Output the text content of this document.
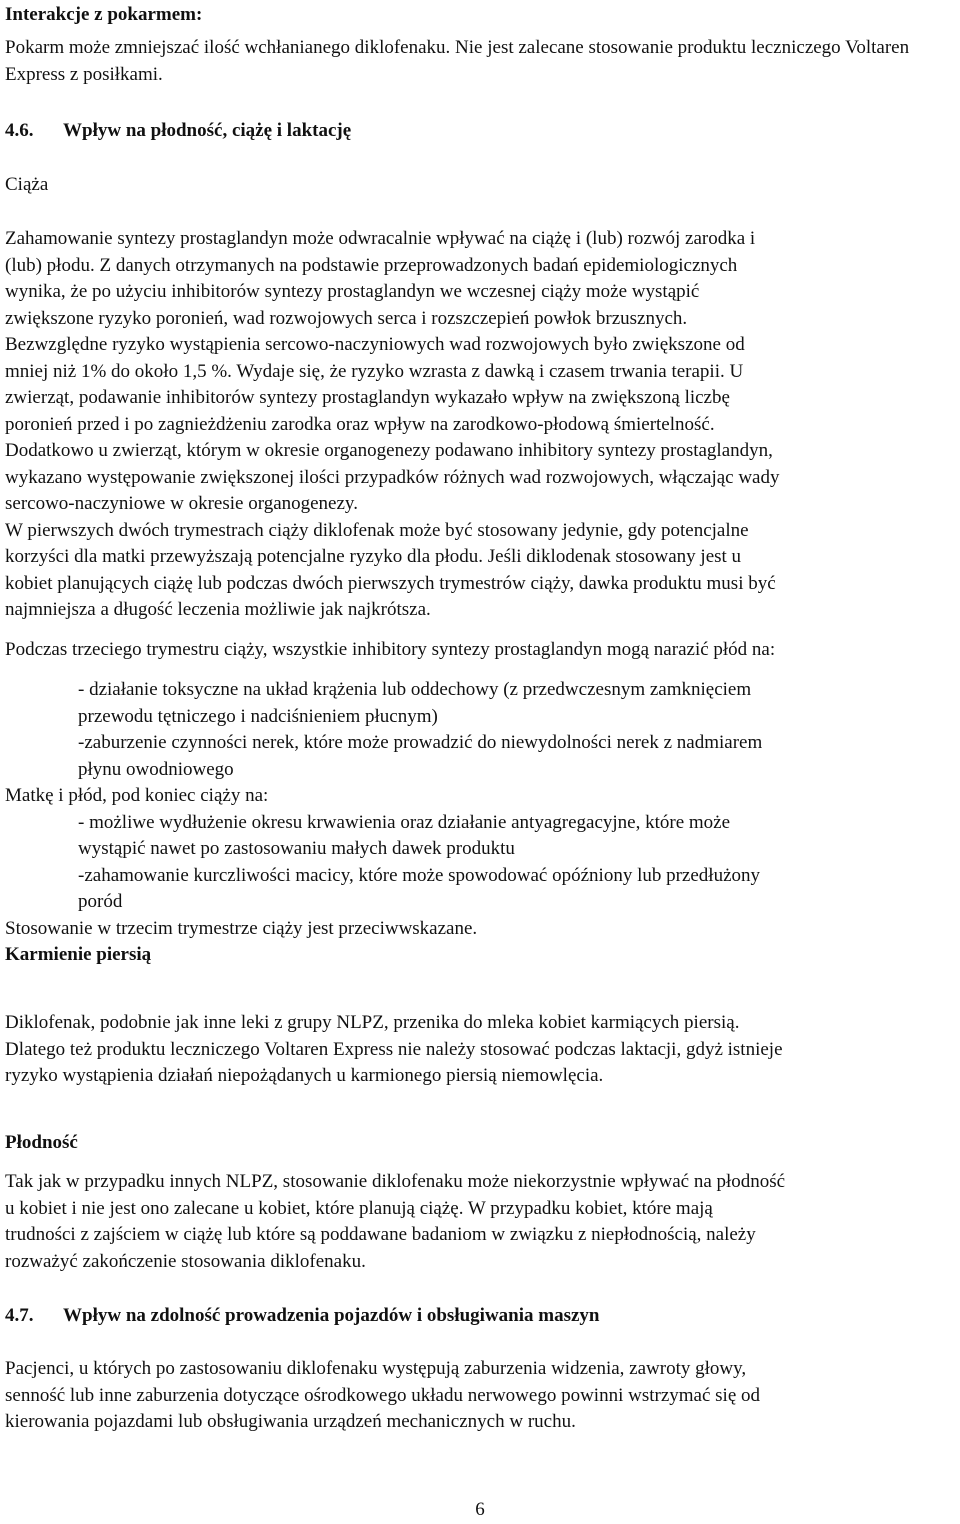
Interakcje z pokarmem:

Pokarm może zmniejszać ilość wchłanianego diklofenaku. Nie jest zalecane stosowanie produktu leczniczego Voltaren Express z posiłkami.

4.6. Wpływ na płodność, ciążę i laktację

Ciąża

Zahamowanie syntezy prostaglandyn może odwracalnie wpływać na ciążę i (lub) rozwój zarodka i

(lub) płodu. Z danych otrzymanych na podstawie przeprowadzonych badań epidemiologicznych

wynika, że po użyciu inhibitorów syntezy prostaglandyn we wczesnej ciąży może wystąpić

zwiększone ryzyko poronień, wad rozwojowych serca i rozszczepień powłok brzusznych.

Bezwzględne ryzyko wystąpienia sercowo-naczyniowych wad rozwojowych było zwiększone od

mniej niż 1% do około 1,5 %. Wydaje się, że ryzyko wzrasta z dawką i czasem trwania terapii. U

zwierząt, podawanie inhibitorów syntezy prostaglandyn wykazało wpływ na zwiększoną liczbę

poronień przed i po zagnieżdżeniu zarodka oraz wpływ na zarodkowo-płodową śmiertelność.

Dodatkowo u zwierząt, którym w okresie organogenezy podawano inhibitory syntezy prostaglandyn,

wykazano występowanie zwiększonej ilości przypadków różnych wad rozwojowych, włączając wady

sercowo-naczyniowe w okresie organogenezy.

W pierwszych dwóch trymestrach ciąży diklofenak może być stosowany jedynie, gdy potencjalne

korzyści dla matki przewyższają potencjalne ryzyko dla płodu. Jeśli diklodenak stosowany jest u

kobiet planujących ciążę lub podczas dwóch pierwszych trymestrów ciąży, dawka produktu musi być

najmniejsza a długość leczenia możliwie jak najkrótsza.

Podczas trzeciego trymestru ciąży, wszystkie inhibitory syntezy prostaglandyn mogą narazić płód na:

- działanie toksyczne na układ krążenia lub oddechowy (z przedwczesnym zamknięciem

przewodu tętniczego i nadciśnieniem płucnym)

-zaburzenie czynności nerek, które może prowadzić do niewydolności nerek z nadmiarem

płynu owodniowego

Matkę i płód, pod koniec ciąży na:

- możliwe wydłużenie okresu krwawienia oraz działanie antyagregacyjne, które może

wystąpić nawet po zastosowaniu małych dawek produktu

-zahamowanie kurczliwości macicy, które może spowodować opóźniony lub przedłużony

poród

Stosowanie w trzecim trymestrze ciąży jest przeciwwskazane.

Karmienie piersią

Diklofenak, podobnie jak inne leki z grupy NLPZ, przenika do mleka kobiet karmiących piersią.

Dlatego też produktu leczniczego Voltaren Express nie należy stosować podczas laktacji, gdyż istnieje

ryzyko wystąpienia działań niepożądanych u karmionego piersią niemowlęcia.

Płodność

Tak jak w przypadku innych NLPZ, stosowanie diklofenaku może niekorzystnie wpływać na płodność

u kobiet i nie jest ono zalecane u kobiet, które planują ciążę. W przypadku kobiet, które mają

trudności z zajściem w ciążę lub które są poddawane badaniom w związku z niepłodnością, należy

rozważyć zakończenie stosowania diklofenaku.

4.7. Wpływ na zdolność prowadzenia pojazdów i obsługiwania maszyn

Pacjenci, u których po zastosowaniu diklofenaku występują zaburzenia widzenia, zawroty głowy,

senność lub inne zaburzenia dotyczące ośrodkowego układu nerwowego powinni wstrzymać się od

kierowania pojazdami lub obsługiwania urządzeń mechanicznych w ruchu.

6
